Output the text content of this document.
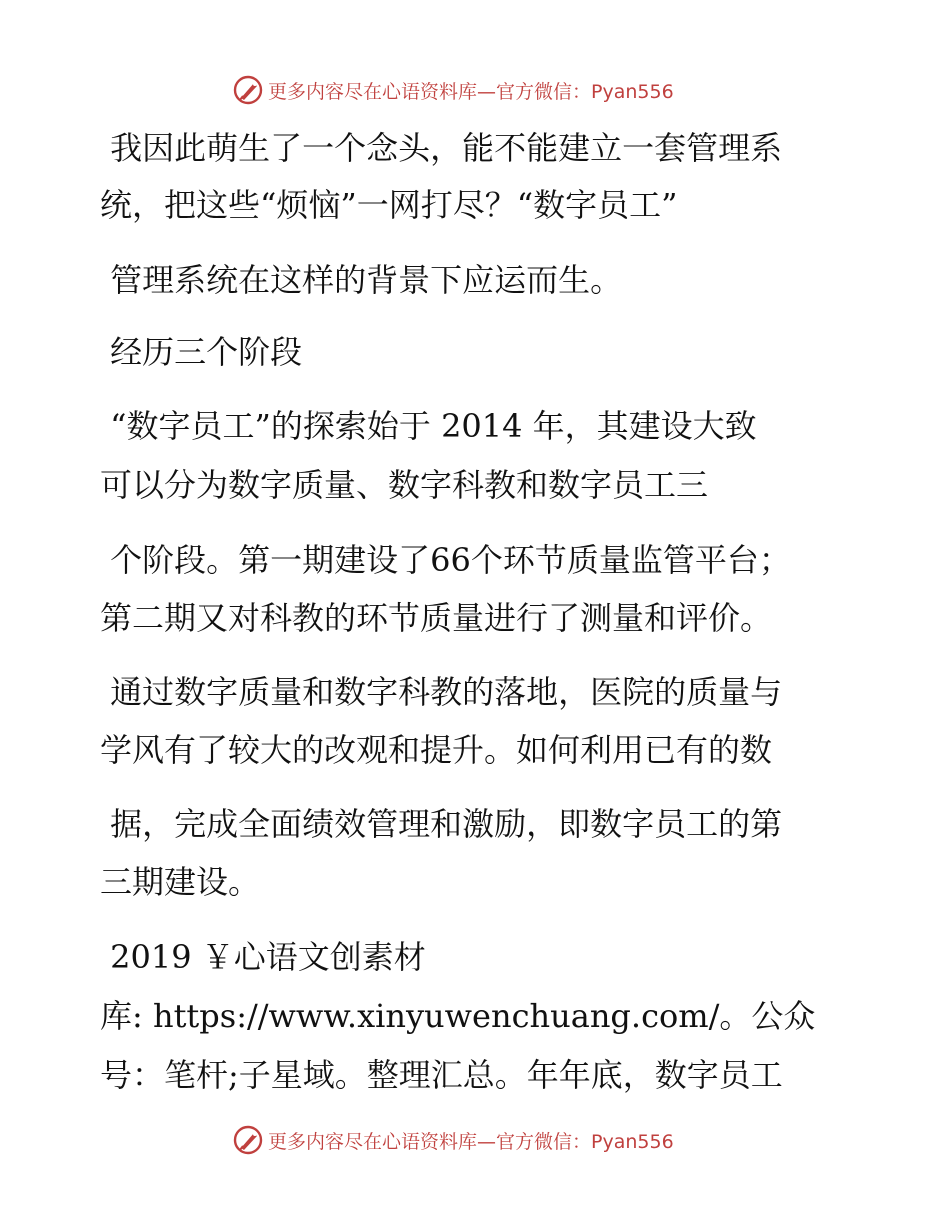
更多内容尽在心语资料库—官方微信：Pyan556
我因此萌生了一个念头，能不能建立一套管理系
统，把这些“烦恼”一网打尽？“数字员工”
管理系统在这样的背景下应运而生。
经历三个阶段
“数字员工”的探索始于 2014 年，其建设大致
可以分为数字质量、数字科教和数字员工三
个阶段。第一期建设了66个环节质量监管平台；
第二期又对科教的环节质量进行了测量和评价。
通过数字质量和数字科教的落地，医院的质量与
学风有了较大的改观和提升。如何利用已有的数
据，完成全面绩效管理和激励，即数字员工的第
三期建设。
2019 ￥心语文创素材
库: https://www.xinyuwenchuang.com/。公众
号：笔杆;子星域。整理汇总。年年底，数字员工
更多内容尽在心语资料库—官方微信：Pyan556
